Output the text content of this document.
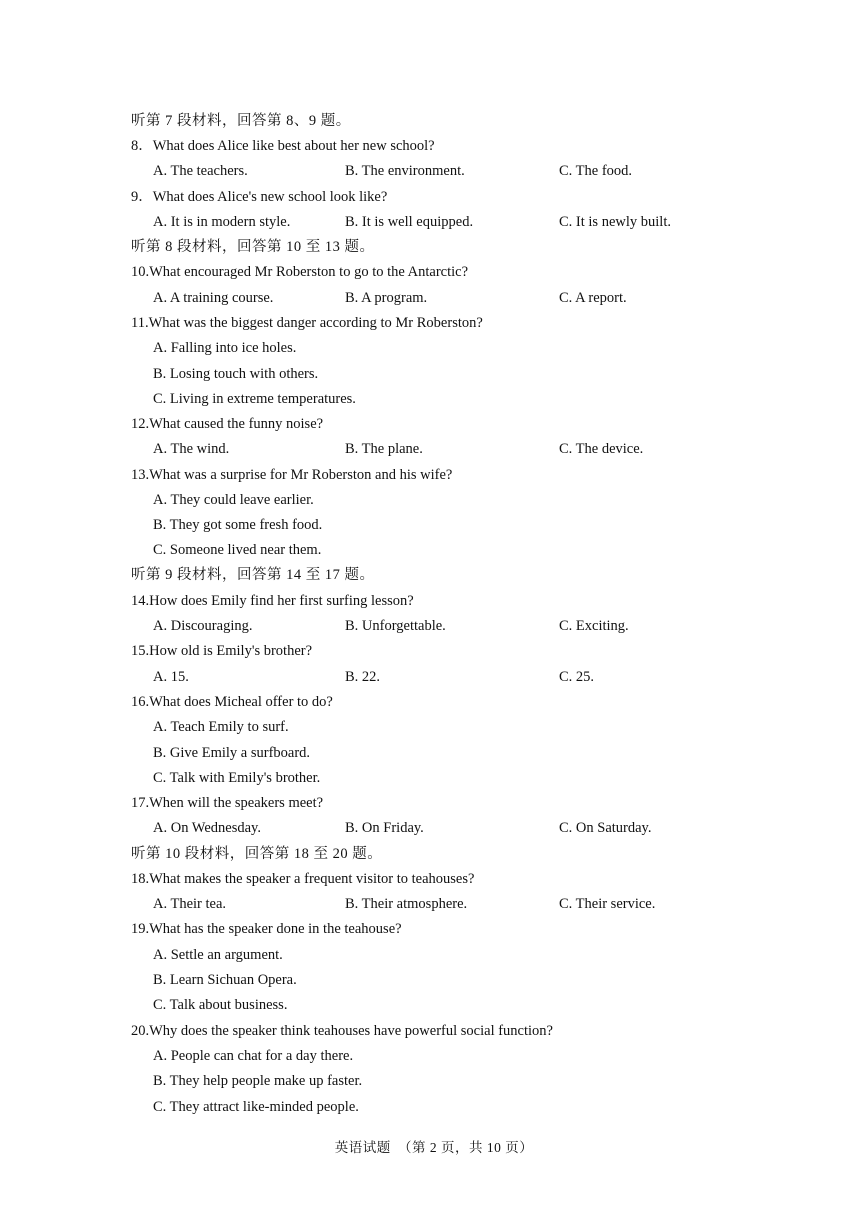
听第 7 段材料，回答第 8、9 题。
8．What does Alice like best about her new school?
A. The teachers.	B. The environment.	C. The food.
9．What does Alice's new school look like?
A. It is in modern style.	B. It is well equipped.	C. It is newly built.
听第 8 段材料，回答第 10 至 13 题。
10.What encouraged Mr Roberston to go to the Antarctic?
A. A training course.	B. A program.	C. A report.
11.What was the biggest danger according to Mr Roberston?
A. Falling into ice holes.
B. Losing touch with others.
C. Living in extreme temperatures.
12.What caused the funny noise?
A. The wind.	B. The plane.	C. The device.
13.What was a surprise for Mr Roberston and his wife?
A. They could leave earlier.
B. They got some fresh food.
C. Someone lived near them.
听第 9 段材料，回答第 14 至 17 题。
14.How does Emily find her first surfing lesson?
A. Discouraging.	B. Unforgettable.	C. Exciting.
15.How old is Emily's brother?
A. 15.	B. 22.	C. 25.
16.What does Micheal offer to do?
A. Teach Emily to surf.
B. Give Emily a surfboard.
C. Talk with Emily's brother.
17.When will the speakers meet?
A. On Wednesday.	B. On Friday.	C. On Saturday.
听第 10 段材料，回答第 18 至 20 题。
18.What makes the speaker a frequent visitor to teahouses?
A. Their tea.	B. Their atmosphere.	C. Their service.
19.What has the speaker done in the teahouse?
A. Settle an argument.
B. Learn Sichuan Opera.
C. Talk about business.
20.Why does the speaker think teahouses have powerful social function?
A. People can chat for a day there.
B. They help people make up faster.
C. They attract like-minded people.
英语试题　（第 2 页，共 10 页）
